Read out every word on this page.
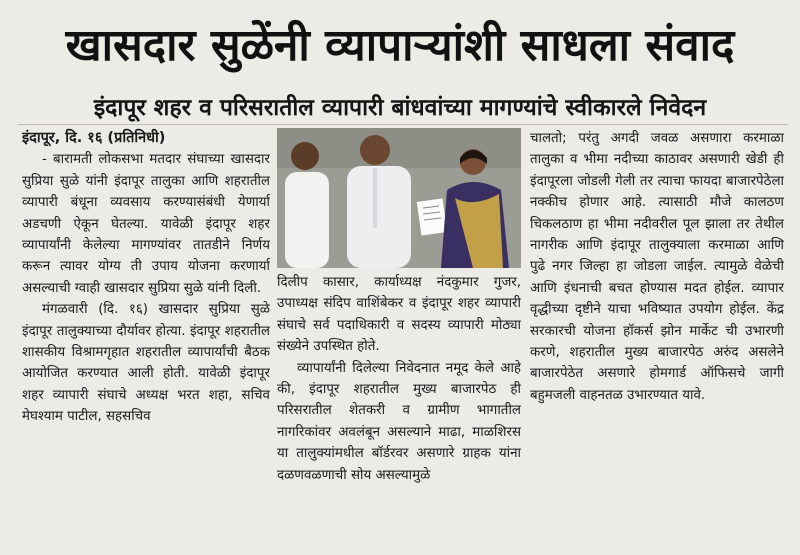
खासदार सुळेंनी व्यापाऱ्यांशी साधला संवाद
इंदापूर शहर व परिसरातील व्यापारी बांधवांच्या मागण्यांचे स्वीकारले निवेदन

इंदापूर, दि. १६ (प्रतिनिधी)

- बारामती लोकसभा मतदार संघाच्या खासदार सुप्रिया सुळे यांनी इंदापूर तालुका आणि शहरातील व्यापारी बंधूना व्यवसाय करण्यासंबंधी येणार्या अडचणी ऐकून घेतल्या. यावेळी इंदापूर शहर व्यापार्यांनी केलेल्या मागण्यांवर तातडीने निर्णय करून त्यावर योग्य ती उपाय योजना करणार्या असल्याची ग्वाही खासदार सुप्रिया सुळे यांनी दिली.

मंगळवारी (दि. १६) खासदार सुप्रिया सुळे इंदापूर तालुक्याच्या दौर्यावर होत्या. इंदापूर शहरातील शासकीय विश्रामगृहात शहरातील व्यापार्यांची बैठक आयोजित करण्यात आली होती. यावेळी इंदापूर शहर व्यापारी संघाचे अध्यक्ष भरत शहा, सचिव मेघश्याम पाटील, सहसचिव

दिलीप कासार, कार्याध्यक्ष नंदकुमार गुजर, उपाध्यक्ष संदिप वाशिंबेकर व इंदापूर शहर व्यापारी संघाचे सर्व पदाधिकारी व सदस्य व्यापारी मोठ्या संख्येने उपस्थित होते.

व्यापार्यांनी दिलेल्या निवेदनात नमूद केले आहे की, इंदापूर शहरातील मुख्य बाजारपेठ ही परिसरातील शेतकरी व ग्रामीण भागातील नागरिकांवर अवलंबून असल्याने माढा, माळशिरस या तालुक्यांमधील बॉर्डरवर असणारे ग्राहक यांना दळणवळणाची सोय असल्यामुळे

चालतो; परंतु अगदी जवळ असणारा करमाळा तालुका व भीमा नदीच्या काठावर असणारी खेडी ही इंदापूरला जोडली गेली तर त्याचा फायदा बाजारपेठेला नक्कीच होणार आहे. त्यासाठी मौजे कालठण चिकलठाण हा भीमा नदीवरील पूल झाला तर तेथील नागरीक आणि इंदापूर तालुक्याला करमाळा आणि पुढे नगर जिल्हा हा जोडला जाईल. त्यामुळे वेळेची आणि इंधनाची बचत होण्यास मदत होईल. व्यापार वृद्धीच्या दृष्टीने याचा भविष्यात उपयोग होईल. केंद्र सरकारची योजना हॉकर्स झोन मार्केट ची उभारणी करणे, शहरातील मुख्य बाजारपेठ अरुंद असलेने बाजारपेठेत असणारे होमगार्ड ऑफिसचे जागी बहुमजली वाहनतळ उभारण्यात यावे.
